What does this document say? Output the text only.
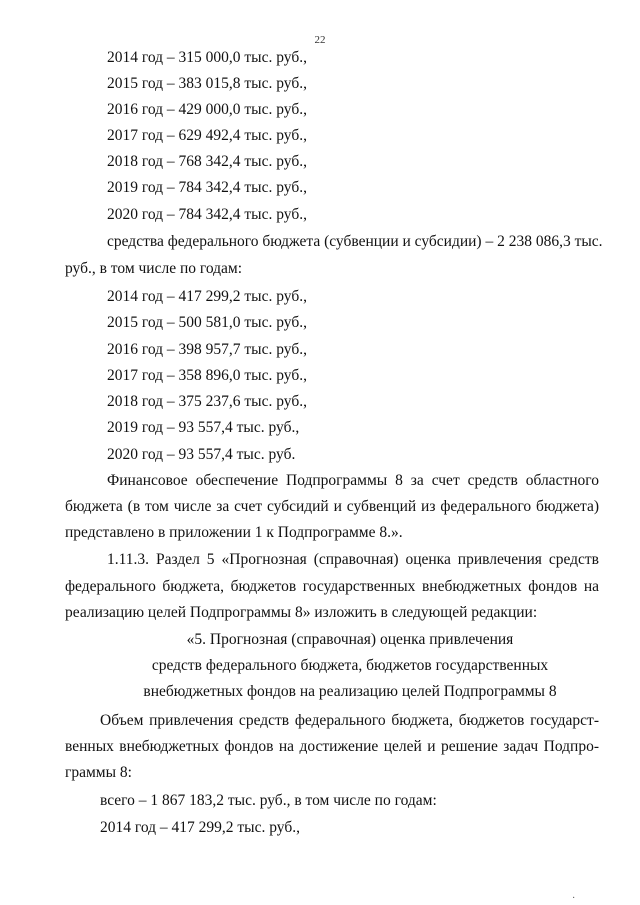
22
2014 год – 315 000,0 тыс. руб.,
2015 год – 383 015,8 тыс. руб.,
2016 год – 429 000,0 тыс. руб.,
2017 год – 629 492,4 тыс. руб.,
2018 год – 768 342,4 тыс. руб.,
2019 год – 784 342,4 тыс. руб.,
2020 год – 784 342,4 тыс. руб.,
средства федерального бюджета (субвенции и субсидии) – 2 238 086,3 тыс.
руб., в том числе по годам:
2014 год – 417 299,2 тыс. руб.,
2015 год – 500 581,0 тыс. руб.,
2016 год – 398 957,7 тыс. руб.,
2017 год – 358 896,0 тыс. руб.,
2018 год – 375 237,6 тыс. руб.,
2019 год – 93 557,4 тыс. руб.,
2020 год – 93 557,4 тыс. руб.
Финансовое обеспечение Подпрограммы 8 за счет средств областного
бюджета (в том числе за счет субсидий и субвенций из федерального бюджета)
представлено в приложении 1 к Подпрограмме 8.».
1.11.3. Раздел 5 «Прогнозная (справочная) оценка привлечения средств
федерального бюджета, бюджетов государственных внебюджетных фондов на
реализацию целей Подпрограммы 8» изложить в следующей редакции:
«5. Прогнозная (справочная) оценка привлечения
средств федерального бюджета, бюджетов государственных
внебюджетных фондов на реализацию целей Подпрограммы 8
Объем привлечения средств федерального бюджета, бюджетов государст-
венных внебюджетных фондов на достижение целей и решение задач Подпро-
граммы 8:
всего – 1 867 183,2 тыс. руб., в том числе по годам:
2014 год – 417 299,2 тыс. руб.,
·
